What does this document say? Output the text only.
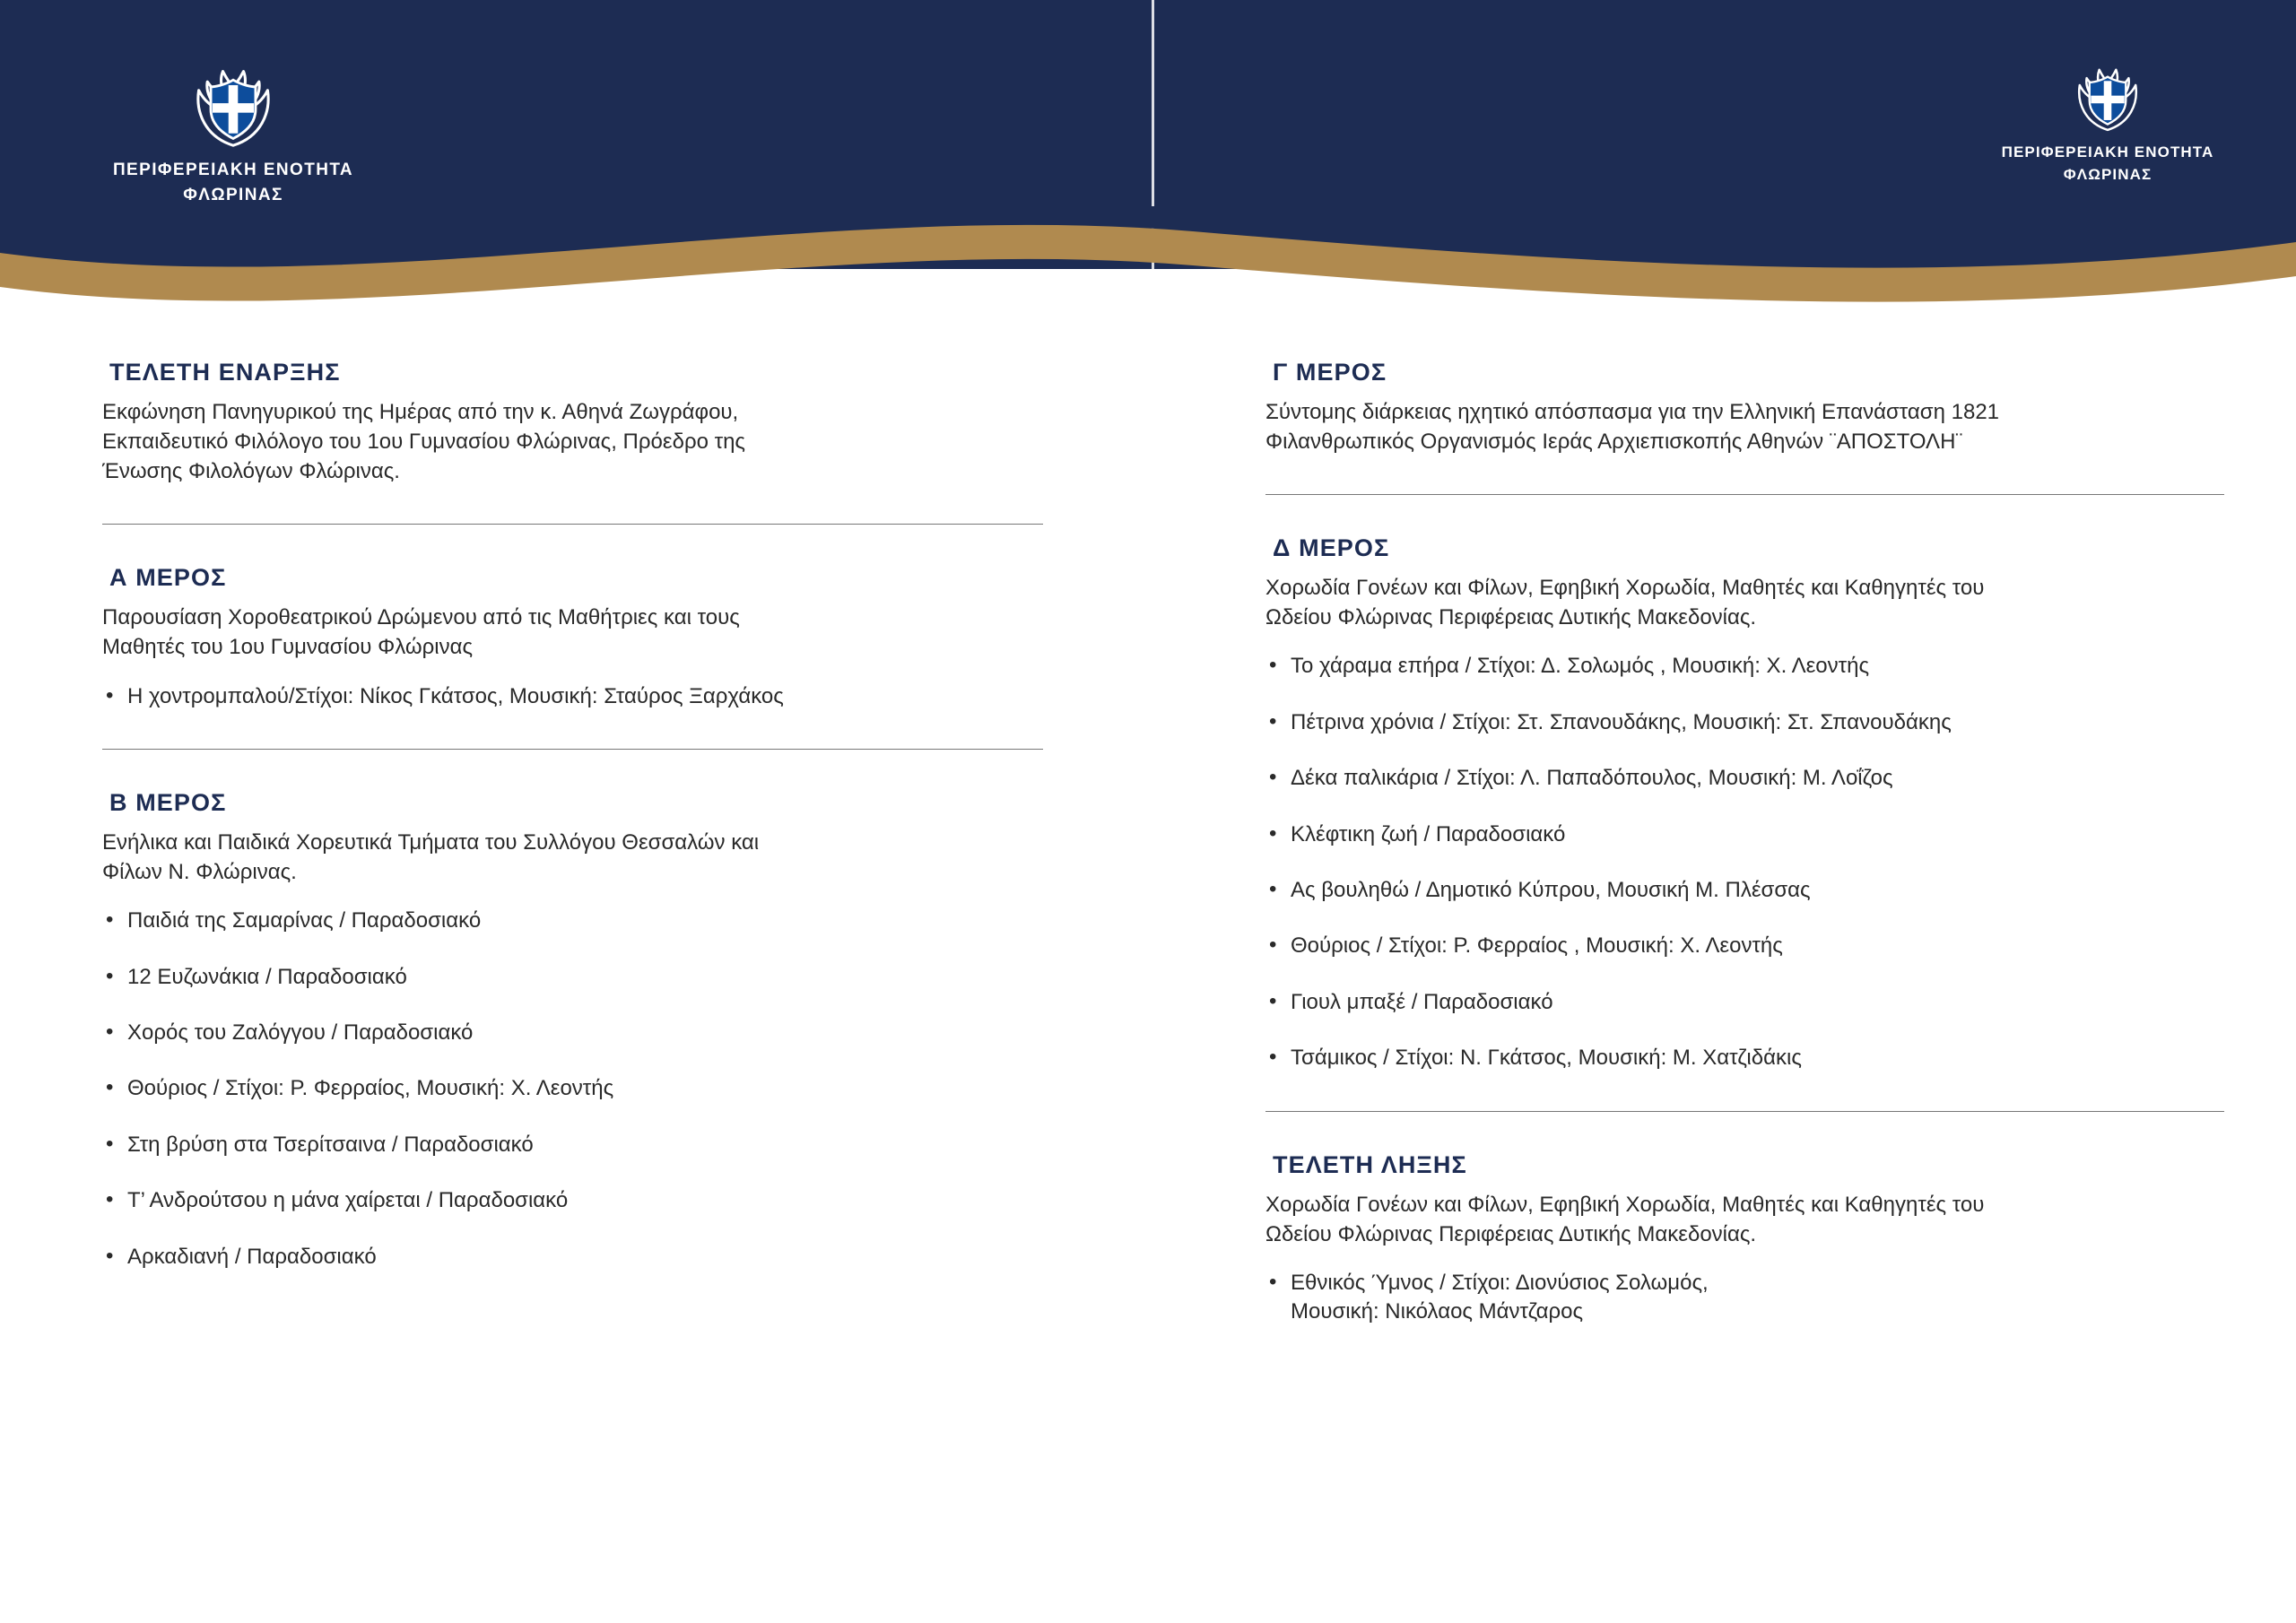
ΠΕΡΙΦΕΡΕΙΑΚΗ ΕΝΟΤΗΤΑ
ΦΛΩΡΙΝΑΣ
ΠΕΡΙΦΕΡΕΙΑΚΗ ΕΝΟΤΗΤΑ
ΦΛΩΡΙΝΑΣ
ΤΕΛΕΤΗ ΕΝΑΡΞΗΣ
Εκφώνηση Πανηγυρικού της Ημέρας από την κ. Αθηνά Ζωγράφου,
Εκπαιδευτικό Φιλόλογο του 1ου Γυμνασίου Φλώρινας, Πρόεδρο της
Ένωσης Φιλολόγων Φλώρινας.
Α ΜΕΡΟΣ
Παρουσίαση Χοροθεατρικού Δρώμενου από τις Μαθήτριες και τους
Μαθητές του 1ου Γυμνασίου Φλώρινας
• Η χοντρομπαλού/Στίχοι: Νίκος Γκάτσος, Μουσική: Σταύρος Ξαρχάκος
Β ΜΕΡΟΣ
Ενήλικα και Παιδικά Χορευτικά Τμήματα του Συλλόγου Θεσσαλών και
Φίλων Ν. Φλώρινας.
• Παιδιά της Σαμαρίνας / Παραδοσιακό
• 12 Ευζωνάκια / Παραδοσιακό
• Χορός του Ζαλόγγου / Παραδοσιακό
• Θούριος / Στίχοι: Ρ. Φερραίος, Μουσική: Χ. Λεοντής
• Στη βρύση στα Τσερίτσαινα / Παραδοσιακό
• Τ’ Ανδρούτσου η μάνα χαίρεται / Παραδοσιακό
• Αρκαδιανή / Παραδοσιακό
Γ ΜΕΡΟΣ
Σύντομης διάρκειας ηχητικό απόσπασμα για την Ελληνική Επανάσταση 1821
Φιλανθρωπικός Οργανισμός Ιεράς Αρχιεπισκοπής Αθηνών ¨ΑΠΟΣΤΟΛΗ¨
Δ ΜΕΡΟΣ
Χορωδία Γονέων και Φίλων, Εφηβική Χορωδία, Μαθητές και Καθηγητές του
Ωδείου Φλώρινας Περιφέρειας Δυτικής Μακεδονίας.
• Το χάραμα επήρα / Στίχοι: Δ. Σολωμός , Μουσική: Χ. Λεοντής
• Πέτρινα χρόνια / Στίχοι: Στ. Σπανουδάκης, Μουσική: Στ. Σπανουδάκης
• Δέκα παλικάρια / Στίχοι: Λ. Παπαδόπουλος, Μουσική: Μ. Λοΐζος
• Κλέφτικη ζωή / Παραδοσιακό
• Ας βουληθώ / Δημοτικό Κύπρου, Μουσική Μ. Πλέσσας
• Θούριος / Στίχοι: Ρ. Φερραίος , Μουσική: Χ. Λεοντής
• Γιουλ μπαξέ / Παραδοσιακό
• Τσάμικος / Στίχοι: Ν. Γκάτσος, Μουσική: Μ. Χατζιδάκις
ΤΕΛΕΤΗ ΛΗΞΗΣ
Χορωδία Γονέων και Φίλων, Εφηβική Χορωδία, Μαθητές και Καθηγητές του
Ωδείου Φλώρινας Περιφέρειας Δυτικής Μακεδονίας.
• Εθνικός Ύμνος / Στίχοι: Διονύσιος Σολωμός,
Μουσική: Νικόλαος Μάντζαρος
